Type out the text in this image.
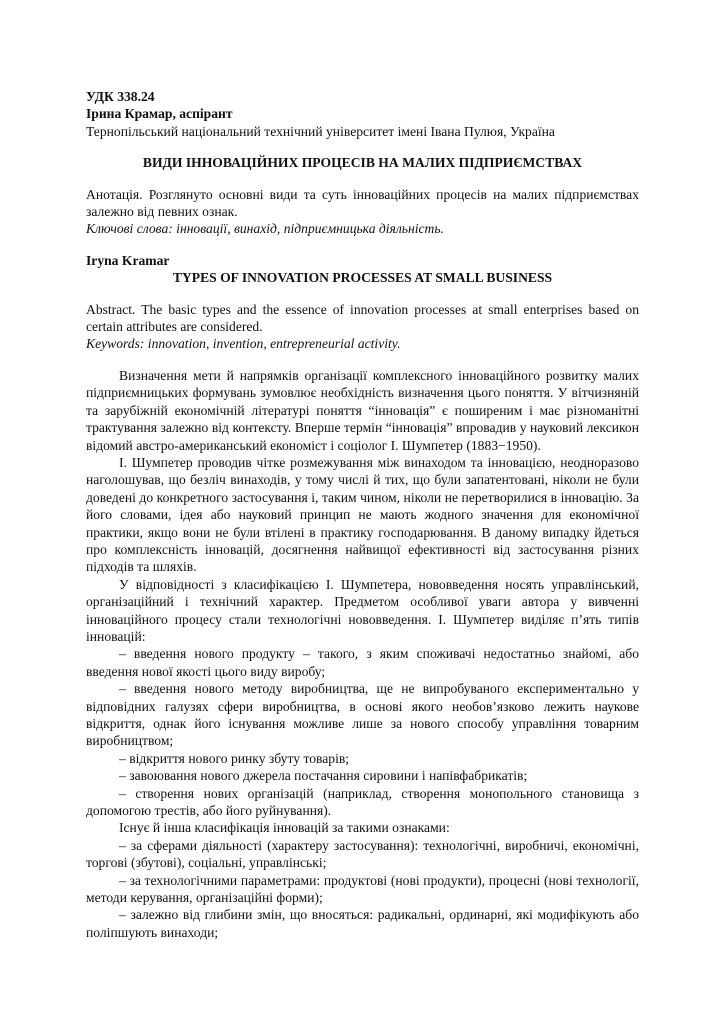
УДК 338.24

Ірина Крамар, аспірант

Тернопільський національний технічний університет імені Івана Пулюя, Україна

ВИДИ ІННОВАЦІЙНИХ ПРОЦЕСІВ НА МАЛИХ ПІДПРИЄМСТВАХ

Анотація. Розглянуто основні види та суть інноваційних процесів на малих підприємствах залежно від певних ознак.

Ключові слова: інновації, винахід, підприємницька діяльність.

Iryna Kramar

TYPES OF INNOVATION PROCESSES AT SMALL BUSINESS

Abstract. The basic types and the essence of innovation processes at small enterprises based on certain attributes are considered.

Keywords: innovation, invention, entrepreneurial activity.

Визначення мети й напрямків організації комплексного інноваційного розвитку малих підприємницьких формувань зумовлює необхідність визначення цього поняття. У вітчизняній та зарубіжній економічній літературі поняття “інновація” є поширеним і має різноманітні трактування залежно від контексту. Вперше термін “інновація” впровадив у науковий лексикон відомий австро-американський економіст і соціолог І. Шумпетер (1883−1950).

І. Шумпетер проводив чітке розмежування між винаходом та інновацією, неодноразово наголошував, що безліч винаходів, у тому числі й тих, що були запатентовані, ніколи не були доведені до конкретного застосування і, таким чином, ніколи не перетворилися в інновацію. За його словами, ідея або науковий принцип не мають жодного значення для економічної практики, якщо вони не були втілені в практику господарювання. В даному випадку йдеться про комплексність інновацій, досягнення найвищої ефективності від застосування різних підходів та шляхів.

У відповідності з класифікацією І. Шумпетера, нововведення носять управлінський, організаційний і технічний характер. Предметом особливої уваги автора у вивченні інноваційного процесу стали технологічні нововведення. І. Шумпетер виділяє п’ять типів інновацій:

– введення нового продукту – такого, з яким споживачі недостатньо знайомі, або введення нової якості цього виду виробу;

– введення нового методу виробництва, ще не випробуваного експериментально у відповідних галузях сфери виробництва, в основі якого необов’язково лежить наукове відкриття, однак його існування можливе лише за нового способу управління товарним виробництвом;

– відкриття нового ринку збуту товарів;

– завоювання нового джерела постачання сировини і напівфабрикатів;

– створення нових організацій (наприклад, створення монопольного становища з допомогою трестів, або його руйнування).

Існує й інша класифікація інновацій за такими ознаками:

– за сферами діяльності (характеру застосування): технологічні, виробничі, економічні, торгові (збутові), соціальні, управлінські;

– за технологічними параметрами: продуктові (нові продукти), процесні (нові технології, методи керування, організаційні форми);

– залежно від глибини змін, що вносяться: радикальні, ординарні, які модифікують або поліпшують винаходи;
